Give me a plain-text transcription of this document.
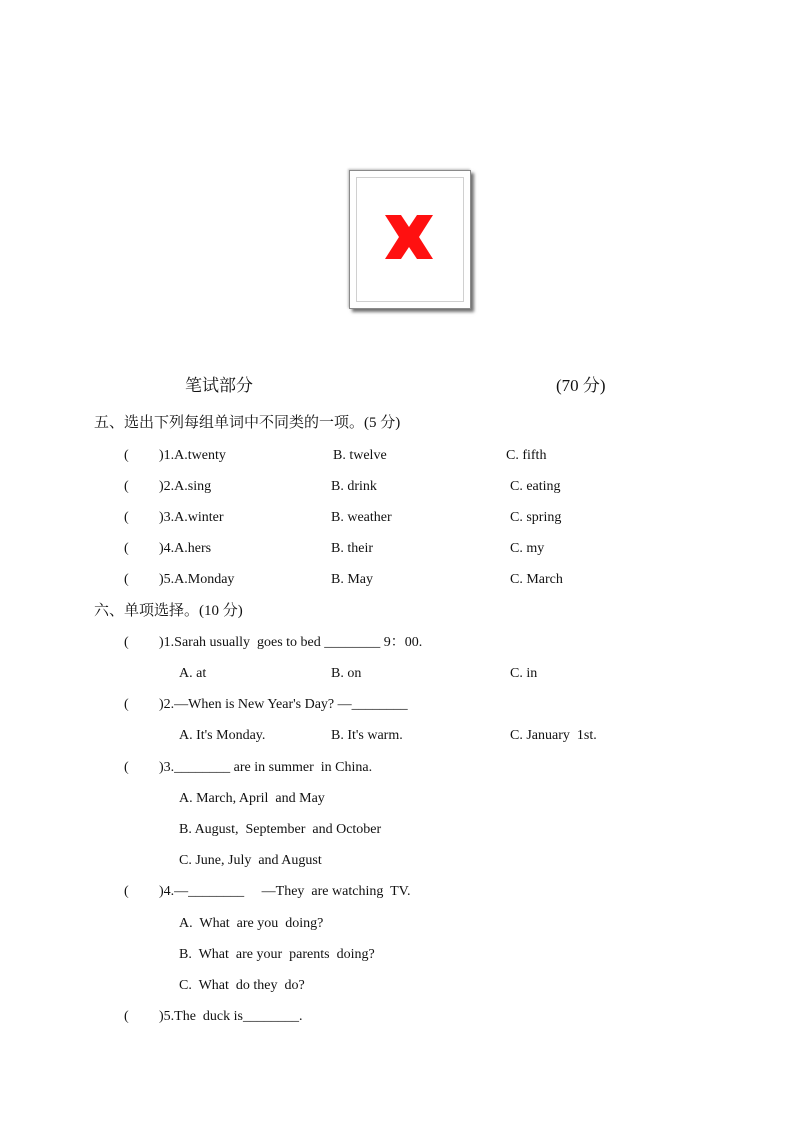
笔试部分	(70 分)
五、选出下列每组单词中不同类的一项。(5 分)
( )1.A.twenty	B. twelve	C. fifth
( )2.A.sing	B. drink	C. eating
( )3.A.winter	B. weather	C. spring
( )4.A.hers	B. their	C. my
( )5.A.Monday	B. May	C. March
六、单项选择。(10 分)
( )1.Sarah usually  goes to bed ________ 9：00.
A. at	B. on	C. in
( )2.—When is New Year's Day? —________
A. It's Monday.	B. It's warm.	C. January  1st.
( )3.________ are in summer  in China.
A. March, April  and May
B. August,  September  and October
C. June, July  and August
( )4.—________     —They  are watching  TV.
A.  What  are you  doing?
B.  What  are your  parents  doing?
C.  What  do they  do?
( )5.The  duck is________.
